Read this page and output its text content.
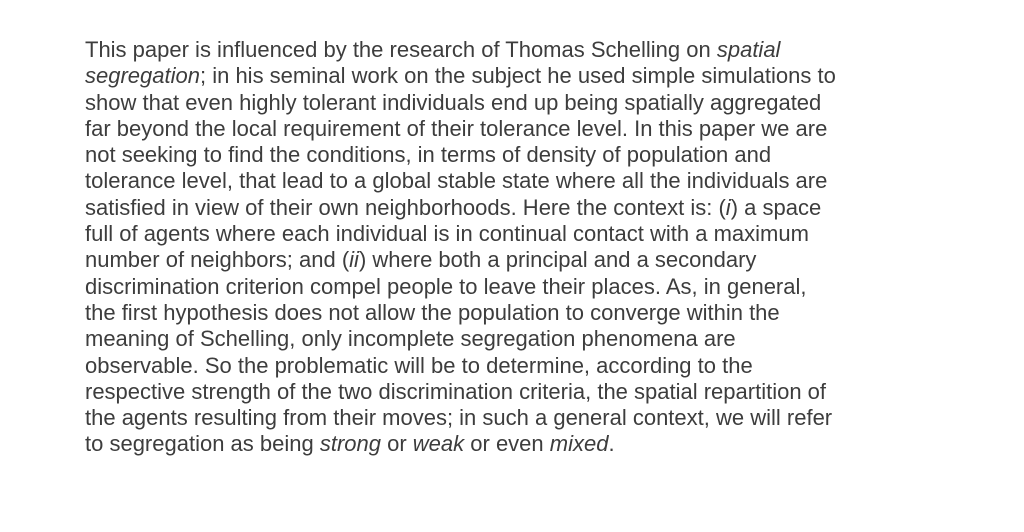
This paper is influenced by the research of Thomas Schelling on spatial
segregation; in his seminal work on the subject he used simple simulations to
show that even highly tolerant individuals end up being spatially aggregated
far beyond the local requirement of their tolerance level. In this paper we are
not seeking to find the conditions, in terms of density of population and
tolerance level, that lead to a global stable state where all the individuals are
satisfied in view of their own neighborhoods. Here the context is: (i) a space
full of agents where each individual is in continual contact with a maximum
number of neighbors; and (ii) where both a principal and a secondary
discrimination criterion compel people to leave their places. As, in general,
the first hypothesis does not allow the population to converge within the
meaning of Schelling, only incomplete segregation phenomena are
observable. So the problematic will be to determine, according to the
respective strength of the two discrimination criteria, the spatial repartition of
the agents resulting from their moves; in such a general context, we will refer
to segregation as being strong or weak or even mixed.
